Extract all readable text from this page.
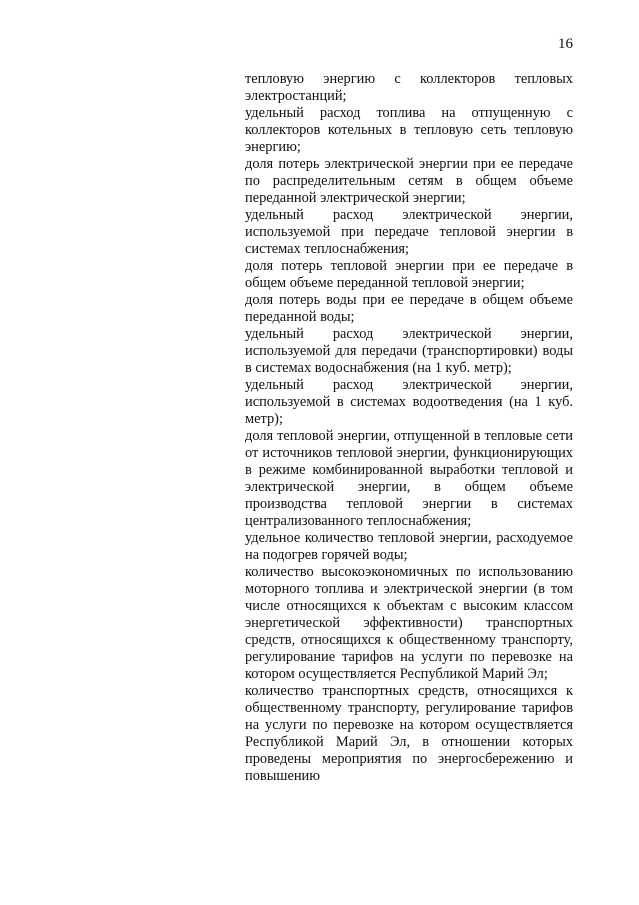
16

тепловую энергию с коллекторов тепловых электростанций;

удельный расход топлива на отпущенную с коллекторов котельных в тепловую сеть тепловую энергию;

доля потерь электрической энергии при ее передаче по распределительным сетям в общем объеме переданной электрической энергии;

удельный расход электрической энергии, используемой при передаче тепловой энергии в системах теплоснабжения;

доля потерь тепловой энергии при ее передаче в общем объеме переданной тепловой энергии;

доля потерь воды при ее передаче в общем объеме переданной воды;

удельный расход электрической энергии, используемой для передачи (транспортировки) воды в системах водоснабжения (на 1 куб. метр);

удельный расход электрической энергии, используемой в системах водоотведения (на 1 куб. метр);

доля тепловой энергии, отпущенной в тепловые сети от источников тепловой энергии, функционирующих в режиме комбинированной выработки тепловой и электрической энергии, в общем объеме производства тепловой энергии в системах централизованного теплоснабжения;

удельное количество тепловой энергии, расходуемое на подогрев горячей воды;

количество высокоэкономичных по использованию моторного топлива и электрической энергии (в том числе относящихся к объектам с высоким классом энергетической эффективности) транспортных средств, относящихся к общественному транспорту, регулирование тарифов на услуги по перевозке на котором осуществляется Республикой Марий Эл;

количество транспортных средств, относящихся к общественному транспорту, регулирование тарифов на услуги по перевозке на котором осуществляется Республикой Марий Эл, в отношении которых проведены мероприятия по энергосбережению и повышению
